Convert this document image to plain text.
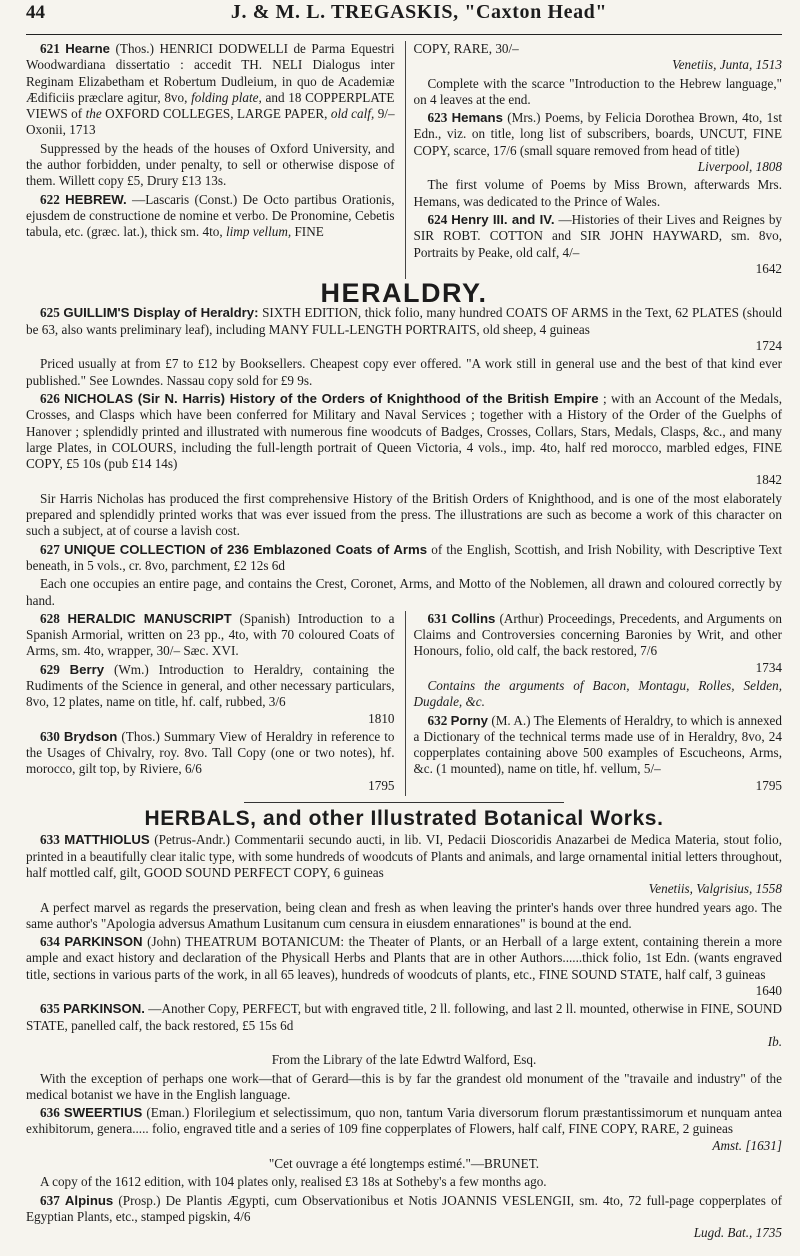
44	J. & M. L. TREGASKIS, "Caxton Head"

621 Hearne (Thos.) HENRICI DODWELLI de Parma Equestri Woodwardiana dissertatio : accedit TH. NELI Dialogus inter Reginam Elizabetham et Robertum Dudleium, in quo de Academiæ Ædificiis præclare agitur, 8vo, folding plate, and 18 COPPERPLATE VIEWS of the OXFORD COLLEGES, LARGE PAPER, old calf, 9/– Oxonii, 1713

Suppressed by the heads of the houses of Oxford University, and the author forbidden, under penalty, to sell or otherwise dispose of them. Willett copy £5, Drury £13 13s.

622 HEBREW. —Lascaris (Const.) De Octo partibus Orationis, ejusdem de constructione de nomine et verbo. De Pronomine, Cebetis tabula, etc. (græc. lat.), thick sm. 4to, limp vellum, FINE

COPY, RARE, 30/–
Venetiis, Junta, 1513

Complete with the scarce "Introduction to the Hebrew language," on 4 leaves at the end.

623 Hemans (Mrs.) Poems, by Felicia Dorothea Brown, 4to, 1st Edn., viz. on title, long list of subscribers, boards, UNCUT, FINE COPY, scarce, 17/6 (small square removed from head of title)
Liverpool, 1808

The first volume of Poems by Miss Brown, afterwards Mrs. Hemans, was dedicated to the Prince of Wales.

624 Henry III. and IV. —Histories of their Lives and Reignes by SIR ROBT. COTTON and SIR JOHN HAYWARD, sm. 8vo, Portraits by Peake, old calf, 4/–
1642

HERALDRY.

625 GUILLIM'S Display of Heraldry: SIXTH EDITION, thick folio, many hundred COATS OF ARMS in the Text, 62 PLATES (should be 63, also wants preliminary leaf), including MANY FULL-LENGTH PORTRAITS, old sheep, 4 guineas
1724

Priced usually at from £7 to £12 by Booksellers. Cheapest copy ever offered. "A work still in general use and the best of that kind ever published." See Lowndes. Nassau copy sold for £9 9s.

626 NICHOLAS (Sir N. Harris) History of the Orders of Knighthood of the British Empire ; with an Account of the Medals, Crosses, and Clasps which have been conferred for Military and Naval Services ; together with a History of the Order of the Guelphs of Hanover ; splendidly printed and illustrated with numerous fine woodcuts of Badges, Crosses, Collars, Stars, Medals, Clasps, &c., and many large Plates, in COLOURS, including the full-length portrait of Queen Victoria, 4 vols., imp. 4to, half red morocco, marbled edges, FINE COPY, £5 10s (pub £14 14s)
1842

Sir Harris Nicholas has produced the first comprehensive History of the British Orders of Knighthood, and is one of the most elaborately prepared and splendidly printed works that was ever issued from the press. The illustrations are such as become a work of this character on such a subject, at of course a lavish cost.

627 UNIQUE COLLECTION of 236 Emblazoned Coats of Arms of the English, Scottish, and Irish Nobility, with Descriptive Text beneath, in 5 vols., cr. 8vo, parchment, £2 12s 6d

Each one occupies an entire page, and contains the Crest, Coronet, Arms, and Motto of the Noblemen, all drawn and coloured correctly by hand.

628 HERALDIC MANUSCRIPT (Spanish) Introduction to a Spanish Armorial, written on 23 pp., 4to, with 70 coloured Coats of Arms, sm. 4to, wrapper, 30/– Sæc. XVI.

629 Berry (Wm.) Introduction to Heraldry, containing the Rudiments of the Science in general, and other necessary particulars, 8vo, 12 plates, name on title, hf. calf, rubbed, 3/6
1810

630 Brydson (Thos.) Summary View of Heraldry in reference to the Usages of Chivalry, roy. 8vo. Tall Copy (one or two notes), hf. morocco, gilt top, by Riviere, 6/6
1795

631 Collins (Arthur) Proceedings, Precedents, and Arguments on Claims and Controversies concerning Baronies by Writ, and other Honours, folio, old calf, the back restored, 7/6
1734

Contains the arguments of Bacon, Montagu, Rolles, Selden, Dugdale, &c.

632 Porny (M. A.) The Elements of Heraldry, to which is annexed a Dictionary of the technical terms made use of in Heraldry, 8vo, 24 copperplates containing above 500 examples of Escucheons, Arms, &c. (1 mounted), name on title, hf. vellum, 5/–
1795

HERBALS, and other Illustrated Botanical Works.

633 MATTHIOLUS (Petrus-Andr.) Commentarii secundo aucti, in lib. VI, Pedacii Dioscoridis Anazarbei de Medica Materia, stout folio, printed in a beautifully clear italic type, with some hundreds of woodcuts of Plants and animals, and large ornamental initial letters throughout, half mottled calf, gilt, GOOD SOUND PERFECT COPY, 6 guineas
Venetiis, Valgrisius, 1558

A perfect marvel as regards the preservation, being clean and fresh as when leaving the printer's hands over three hundred years ago. The same author's "Apologia adversus Amathum Lusitanum cum censura in eiusdem ennarationes" is bound at the end.

634 PARKINSON (John) THEATRUM BOTANICUM: the Theater of Plants, or an Herball of a large extent, containing therein a more ample and exact history and declaration of the Physicall Herbs and Plants that are in other Authors......thick folio, 1st Edn. (wants engraved title, sections in various parts of the work, in all 65 leaves), hundreds of woodcuts of plants, etc., FINE SOUND STATE, half calf, 3 guineas
1640

635 PARKINSON. —Another Copy, PERFECT, but with engraved title, 2 ll. following, and last 2 ll. mounted, otherwise in FINE, SOUND STATE, panelled calf, the back restored, £5 15s 6d
Ib.

From the Library of the late Edwtrd Walford, Esq.

With the exception of perhaps one work—that of Gerard—this is by far the grandest old monument of the "travaile and industry" of the medical botanist we have in the English language.

636 SWEERTIUS (Eman.) Florilegium et selectissimum, quo non, tantum Varia diversorum florum præstantissimorum et nunquam antea exhibitorum, genera..... folio, engraved title and a series of 109 fine copperplates of Flowers, half calf, FINE COPY, RARE, 2 guineas
Amst. [1631]

"Cet ouvrage a été longtemps estimé."—BRUNET.

A copy of the 1612 edition, with 104 plates only, realised £3 18s at Sotheby's a few months ago.

637 Alpinus (Prosp.) De Plantis Ægypti, cum Observationibus et Notis JOANNIS VESLENGII, sm. 4to, 72 full-page copperplates of Egyptian Plants, etc., stamped pigskin, 4/6
Lugd. Bat., 1735
